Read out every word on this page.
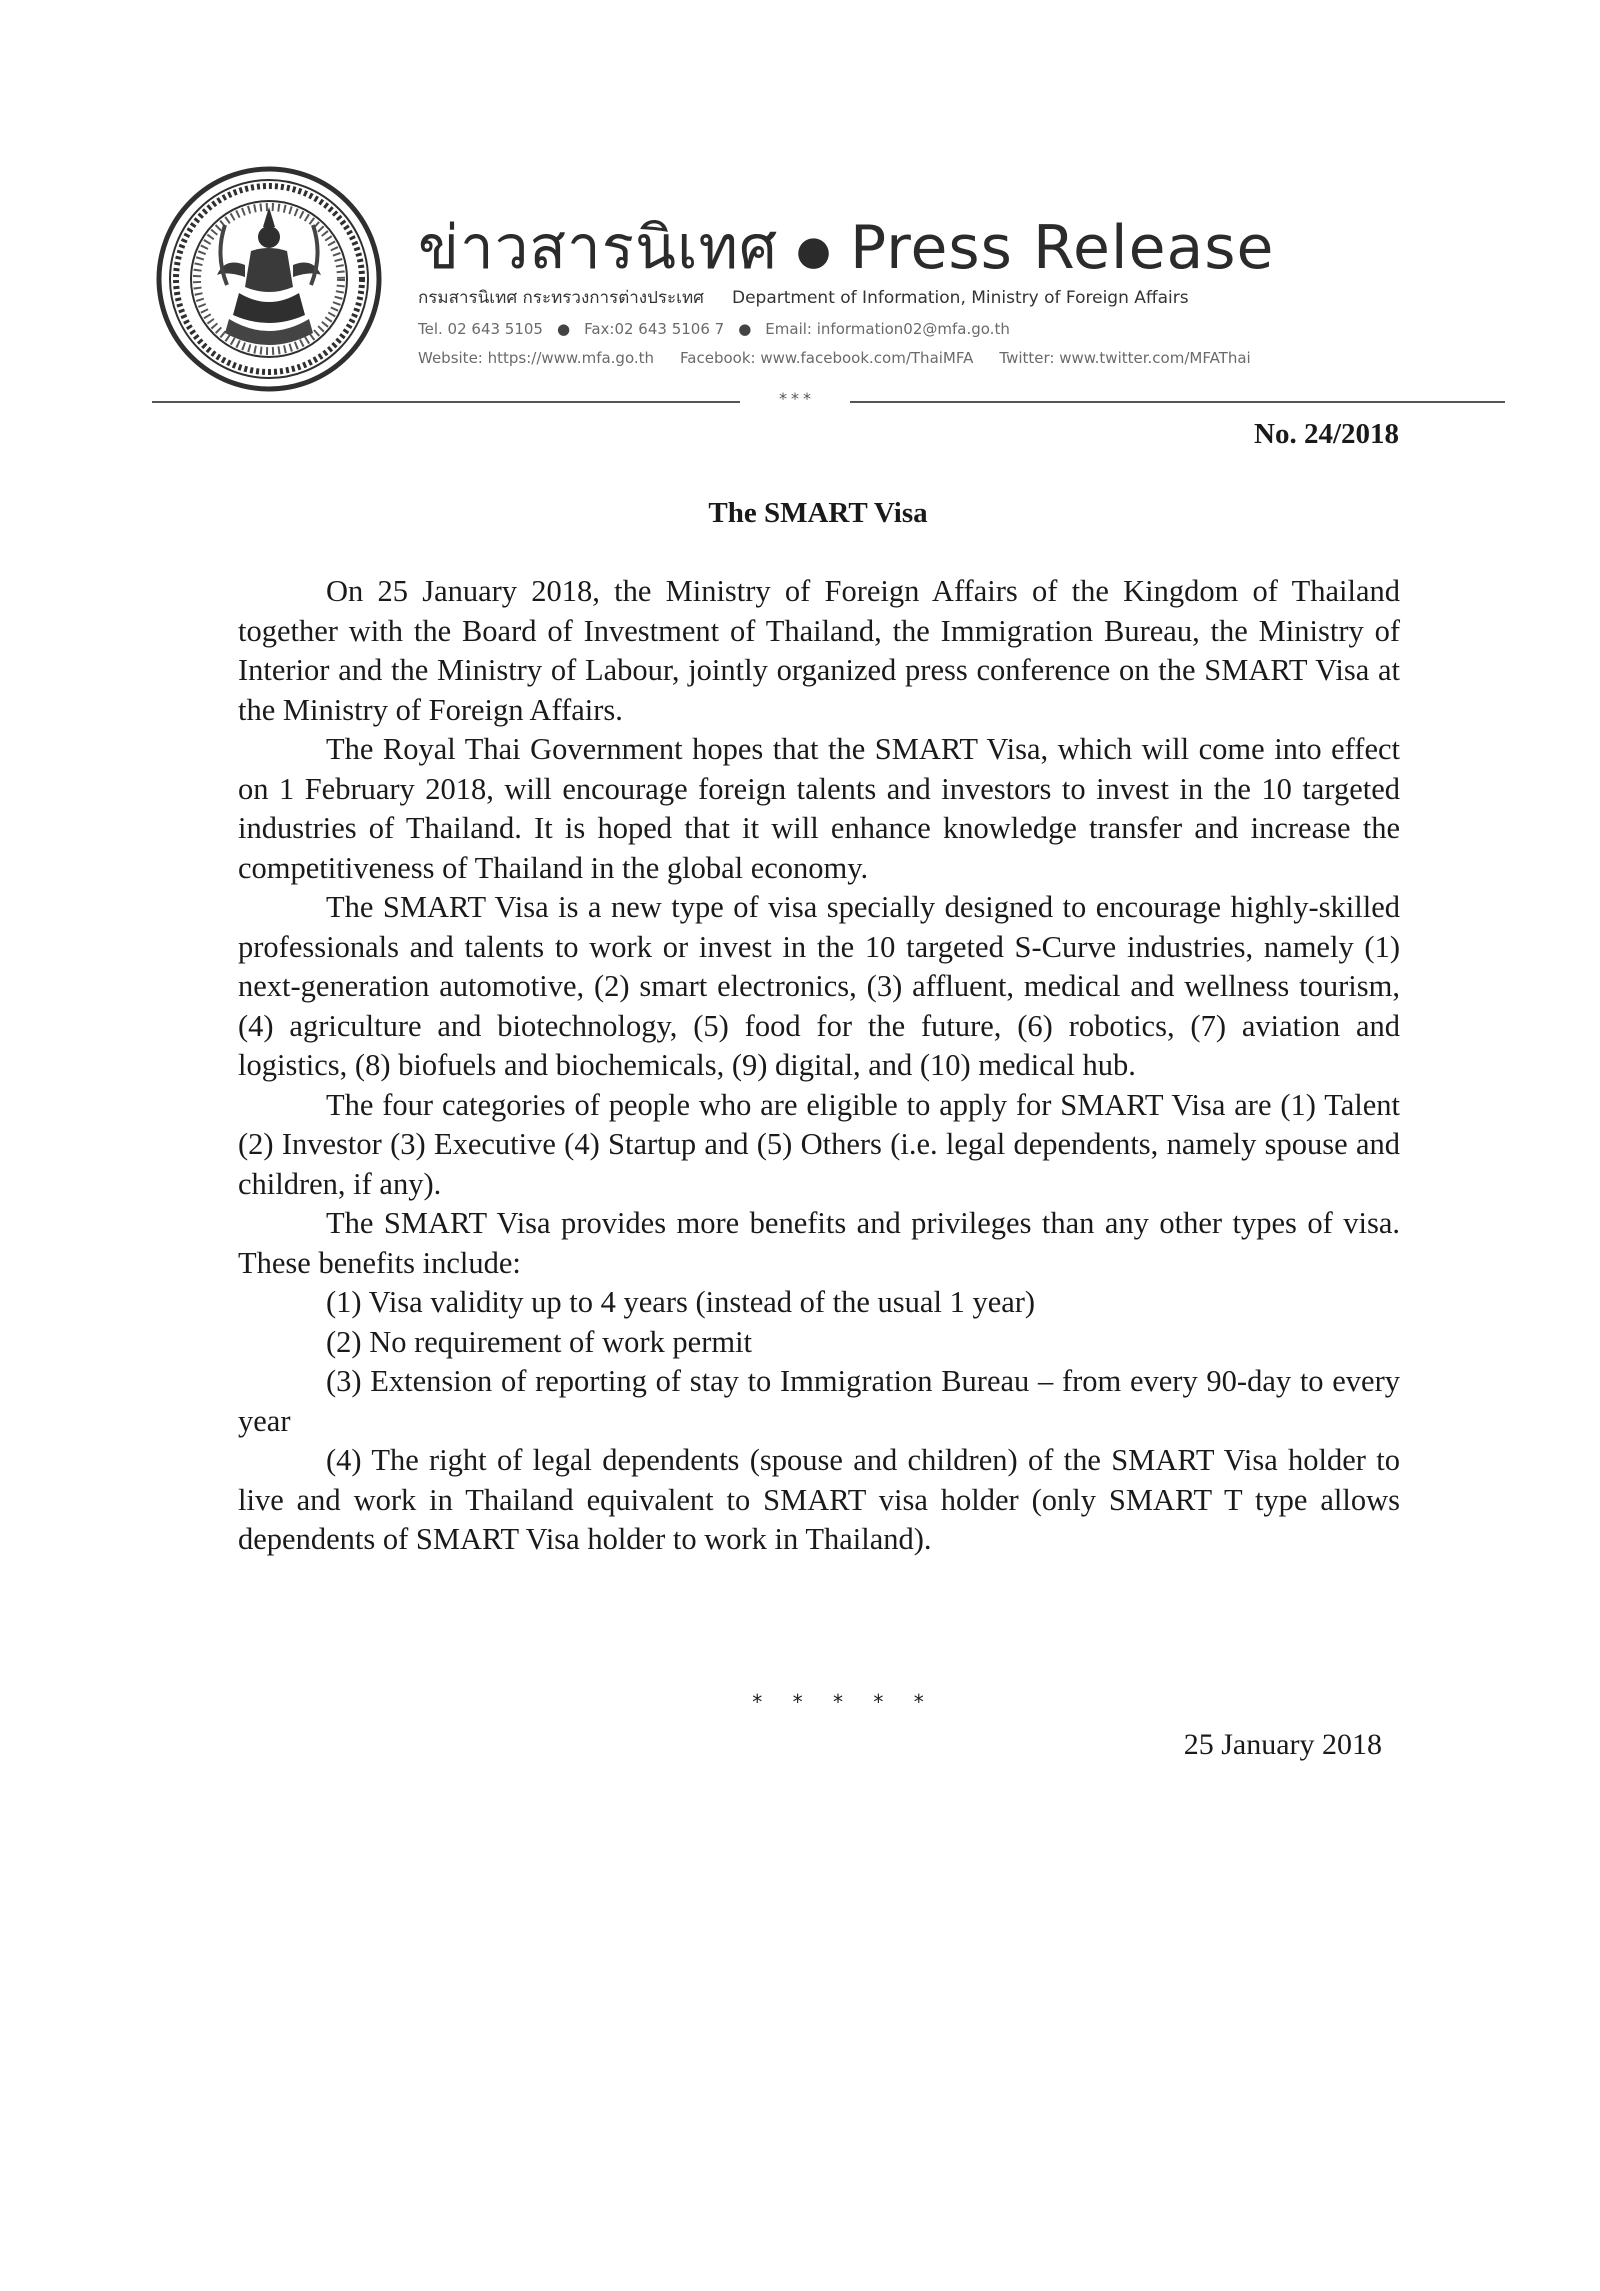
ข่าวสารนิเทศ ● Press Release
กรมสารนิเทศ กระทรวงการต่างประเทศ Department of Information, Ministry of Foreign Affairs
Tel. 02 643 5105 ● Fax:02 643 5106 7 ● Email: information02@mfa.go.th
Website: https://www.mfa.go.th Facebook: www.facebook.com/ThaiMFA Twitter: www.twitter.com/MFAThai
***
No. 24/2018
The SMART Visa

On 25 January 2018, the Ministry of Foreign Affairs of the Kingdom of Thailand together with the Board of Investment of Thailand, the Immigration Bureau, the Ministry of Interior and the Ministry of Labour, jointly organized press conference on the SMART Visa at the Ministry of Foreign Affairs.

The Royal Thai Government hopes that the SMART Visa, which will come into effect on 1 February 2018, will encourage foreign talents and investors to invest in the 10 targeted industries of Thailand. It is hoped that it will enhance knowledge transfer and increase the competitiveness of Thailand in the global economy.

The SMART Visa is a new type of visa specially designed to encourage highly-skilled professionals and talents to work or invest in the 10 targeted S-Curve industries, namely (1) next-generation automotive, (2) smart electronics, (3) affluent, medical and wellness tourism, (4) agriculture and biotechnology, (5) food for the future, (6) robotics, (7) aviation and logistics, (8) biofuels and biochemicals, (9) digital, and (10) medical hub.

The four categories of people who are eligible to apply for SMART Visa are (1) Talent (2) Investor (3) Executive (4) Startup and (5) Others (i.e. legal dependents, namely spouse and children, if any).

The SMART Visa provides more benefits and privileges than any other types of visa. These benefits include:

(1) Visa validity up to 4 years (instead of the usual 1 year)

(2) No requirement of work permit

(3) Extension of reporting of stay to Immigration Bureau – from every 90-day to every year

(4) The right of legal dependents (spouse and children) of the SMART Visa holder to live and work in Thailand equivalent to SMART visa holder (only SMART T type allows dependents of SMART Visa holder to work in Thailand).

* * * * *
25 January 2018
